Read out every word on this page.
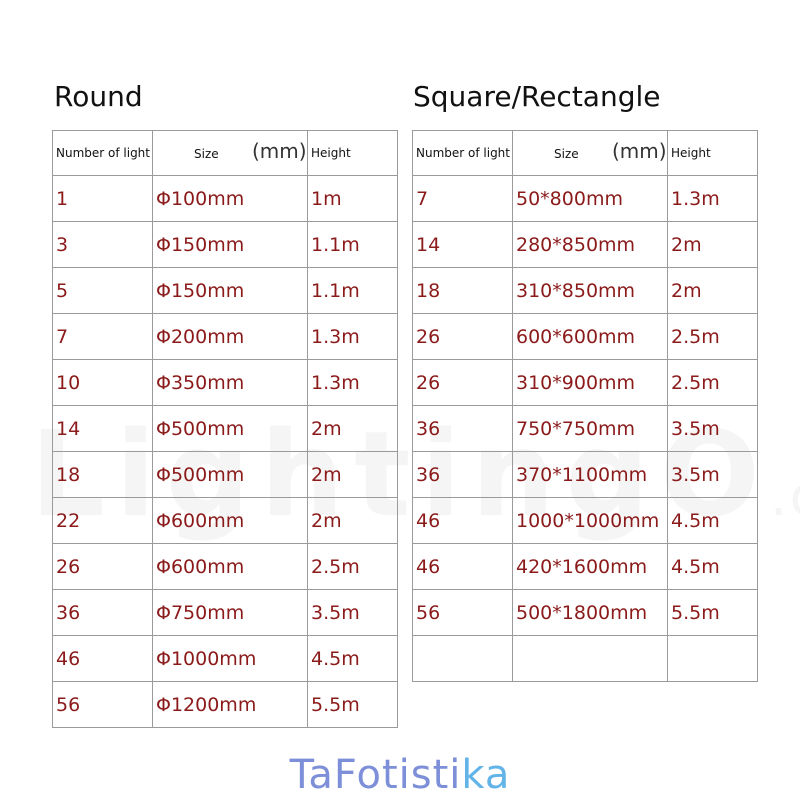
Round	Square/Rectangle
Number of light	Size (mm)	Height
1	Φ100mm	1m
3	Φ150mm	1.1m
5	Φ150mm	1.1m
7	Φ200mm	1.3m
10	Φ350mm	1.3m
14	Φ500mm	2m
18	Φ500mm	2m
22	Φ600mm	2m
26	Φ600mm	2.5m
36	Φ750mm	3.5m
46	Φ1000mm	4.5m
56	Φ1200mm	5.5m
Number of light	Size (mm)	Height
7	50*800mm	1.3m
14	280*850mm	2m
18	310*850mm	2m
26	600*600mm	2.5m
26	310*900mm	2.5m
36	750*750mm	3.5m
36	370*1100mm	3.5m
46	1000*1000mm	4.5m
46	420*1600mm	4.5m
56	500*1800mm	5.5m

TaFotistika
